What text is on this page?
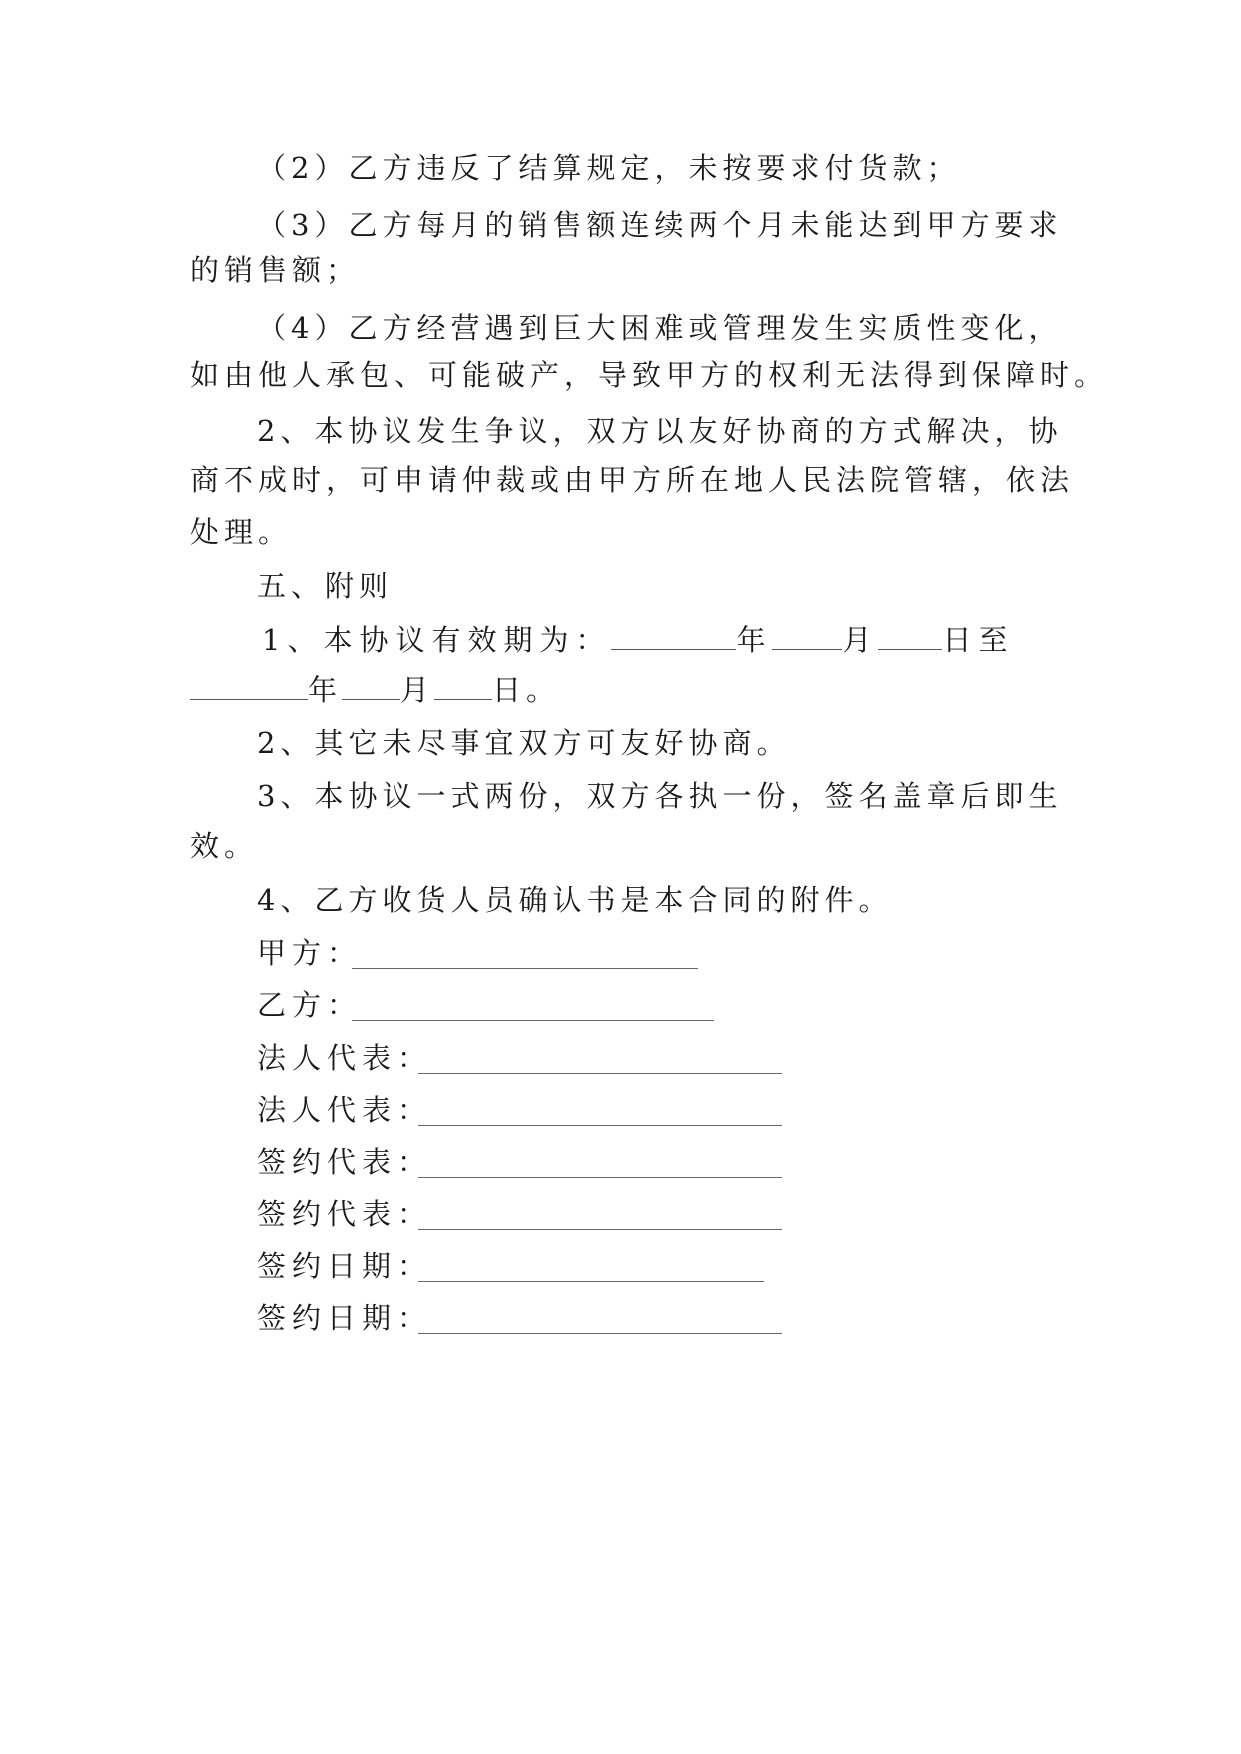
（2）乙方违反了结算规定，未按要求付货款；

（3）乙方每月的销售额连续两个月未能达到甲方要求

的销售额；

（4）乙方经营遇到巨大困难或管理发生实质性变化，

如由他人承包、可能破产，导致甲方的权利无法得到保障时。

2、本协议发生争议，双方以友好协商的方式解决，协

商不成时，可申请仲裁或由甲方所在地人民法院管辖，依法

处理。

五、附则

1、本协议有效期为：	年 月 日至

年 月 日。

2、其它未尽事宜双方可友好协商。

3、本协议一式两份，双方各执一份，签名盖章后即生

效。

4、乙方收货人员确认书是本合同的附件。

甲方：

乙方：

法人代表：

法人代表：

签约代表：

签约代表：

签约日期：

签约日期：
